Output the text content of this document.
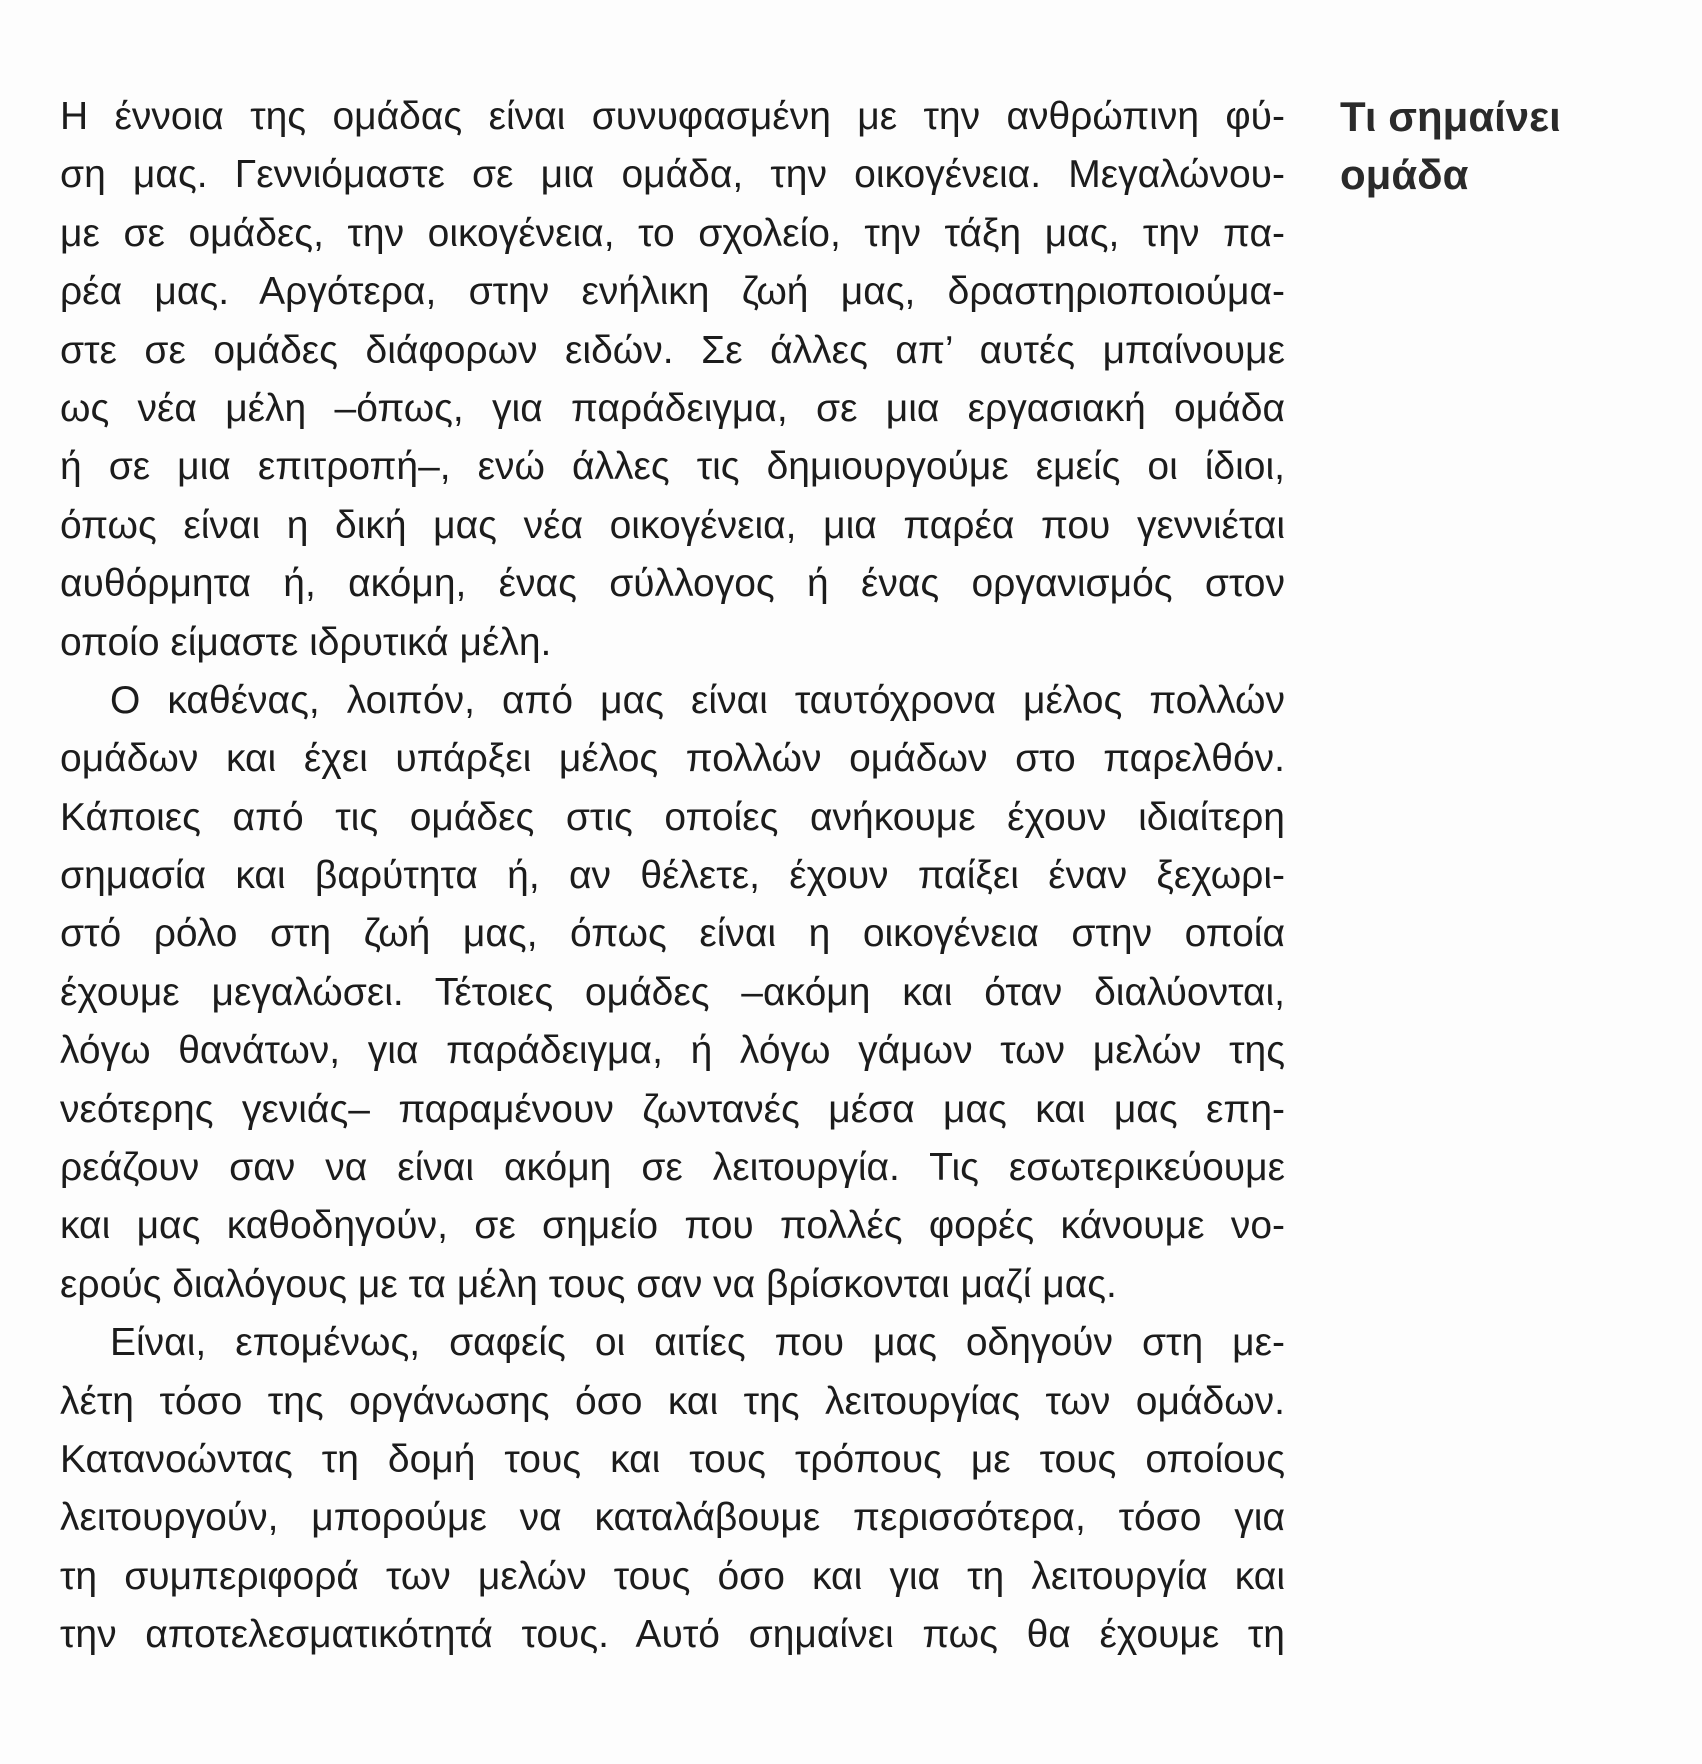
Η έννοια της ομάδας είναι συνυφασμένη με την ανθρώπινη φύ-
ση μας. Γεννιόμαστε σε μια ομάδα, την οικογένεια. Μεγαλώνου-
με σε ομάδες, την οικογένεια, το σχολείο, την τάξη μας, την πα-
ρέα μας. Αργότερα, στην ενήλικη ζωή μας, δραστηριοποιούμα-
στε σε ομάδες διάφορων ειδών. Σε άλλες απ’ αυτές μπαίνουμε
ως νέα μέλη –όπως, για παράδειγμα, σε μια εργασιακή ομάδα
ή σε μια επιτροπή–, ενώ άλλες τις δημιουργούμε εμείς οι ίδιοι,
όπως είναι η δική μας νέα οικογένεια, μια παρέα που γεννιέται
αυθόρμητα ή, ακόμη, ένας σύλλογος ή ένας οργανισμός στον
οποίο είμαστε ιδρυτικά μέλη.
Ο καθένας, λοιπόν, από μας είναι ταυτόχρονα μέλος πολλών
ομάδων και έχει υπάρξει μέλος πολλών ομάδων στο παρελθόν.
Κάποιες από τις ομάδες στις οποίες ανήκουμε έχουν ιδιαίτερη
σημασία και βαρύτητα ή, αν θέλετε, έχουν παίξει έναν ξεχωρι-
στό ρόλο στη ζωή μας, όπως είναι η οικογένεια στην οποία
έχουμε μεγαλώσει. Τέτοιες ομάδες –ακόμη και όταν διαλύονται,
λόγω θανάτων, για παράδειγμα, ή λόγω γάμων των μελών της
νεότερης γενιάς– παραμένουν ζωντανές μέσα μας και μας επη-
ρεάζουν σαν να είναι ακόμη σε λειτουργία. Τις εσωτερικεύουμε
και μας καθοδηγούν, σε σημείο που πολλές φορές κάνουμε νο-
ερούς διαλόγους με τα μέλη τους σαν να βρίσκονται μαζί μας.
Είναι, επομένως, σαφείς οι αιτίες που μας οδηγούν στη με-
λέτη τόσο της οργάνωσης όσο και της λειτουργίας των ομάδων.
Κατανοώντας τη δομή τους και τους τρόπους με τους οποίους
λειτουργούν, μπορούμε να καταλάβουμε περισσότερα, τόσο για
τη συμπεριφορά των μελών τους όσο και για τη λειτουργία και
την αποτελεσματικότητά τους. Αυτό σημαίνει πως θα έχουμε τη
Τι σημαίνει
ομάδα
